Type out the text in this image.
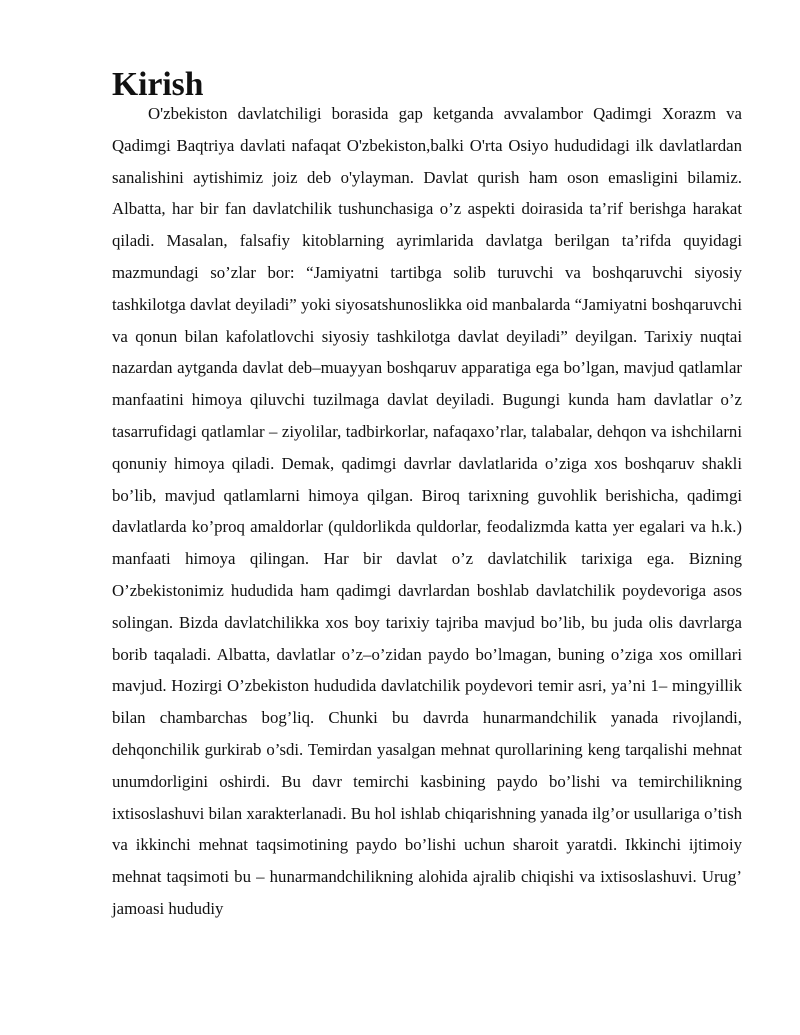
Kirish

O'zbekiston davlatchiligi borasida gap ketganda avvalambor Qadimgi Xorazm va Qadimgi Baqtriya davlati nafaqat O'zbekiston,balki O'rta Osiyo hududidagi ilk davlatlardan sanalishini aytishimiz joiz deb o'ylayman. Davlat qurish ham oson emasligini bilamiz. Albatta, har bir fan davlatchilik tushunchasiga o’z aspekti doirasida ta’rif berishga harakat qiladi. Masalan, falsafiy kitoblarning ayrimlarida davlatga berilgan ta’rifda quyidagi mazmundagi so’zlar bor: “Jamiyatni tartibga solib turuvchi va boshqaruvchi siyosiy tashkilotga davlat deyiladi” yoki siyosatshunoslikka oid manbalarda “Jamiyatni boshqaruvchi va qonun bilan kafolatlovchi siyosiy tashkilotga davlat deyiladi” deyilgan. Tarixiy nuqtai nazardan aytganda davlat deb–muayyan boshqaruv apparatiga ega bo’lgan, mavjud qatlamlar manfaatini himoya qiluvchi tuzilmaga davlat deyiladi. Bugungi kunda ham davlatlar o’z tasarrufidagi qatlamlar – ziyolilar, tadbirkorlar, nafaqaxo’rlar, talabalar, dehqon va ishchilarni qonuniy himoya qiladi. Demak, qadimgi davrlar davlatlarida o’ziga xos boshqaruv shakli bo’lib, mavjud qatlamlarni himoya qilgan. Biroq tarixning guvohlik berishicha, qadimgi davlatlarda ko’proq amaldorlar (quldorlikda quldorlar, feodalizmda katta yer egalari va h.k.) manfaati himoya qilingan. Har bir davlat o’z davlatchilik tarixiga ega. Bizning O’zbekistonimiz hududida ham qadimgi davrlardan boshlab davlatchilik poydevoriga asos solingan. Bizda davlatchilikka xos boy tarixiy tajriba mavjud bo’lib, bu juda olis davrlarga borib taqaladi. Albatta, davlatlar o’z–o’zidan paydo bo’lmagan, buning o’ziga xos omillari mavjud. Hozirgi O’zbekiston hududida davlatchilik poydevori temir asri, ya’ni 1– mingyillik bilan chambarchas bog’liq. Chunki bu davrda hunarmandchilik yanada rivojlandi, dehqonchilik gurkirab o’sdi. Temirdan yasalgan mehnat qurollarining keng tarqalishi mehnat unumdorligini oshirdi. Bu davr temirchi kasbining paydo bo’lishi va temirchilikning ixtisoslashuvi bilan xarakterlanadi. Bu hol ishlab chiqarishning yanada ilg’or usullariga o’tish va ikkinchi mehnat taqsimotining paydo bo’lishi uchun sharoit yaratdi. Ikkinchi ijtimoiy mehnat taqsimoti bu – hunarmandchilikning alohida ajralib chiqishi va ixtisoslashuvi. Urug’ jamoasi hududiy
